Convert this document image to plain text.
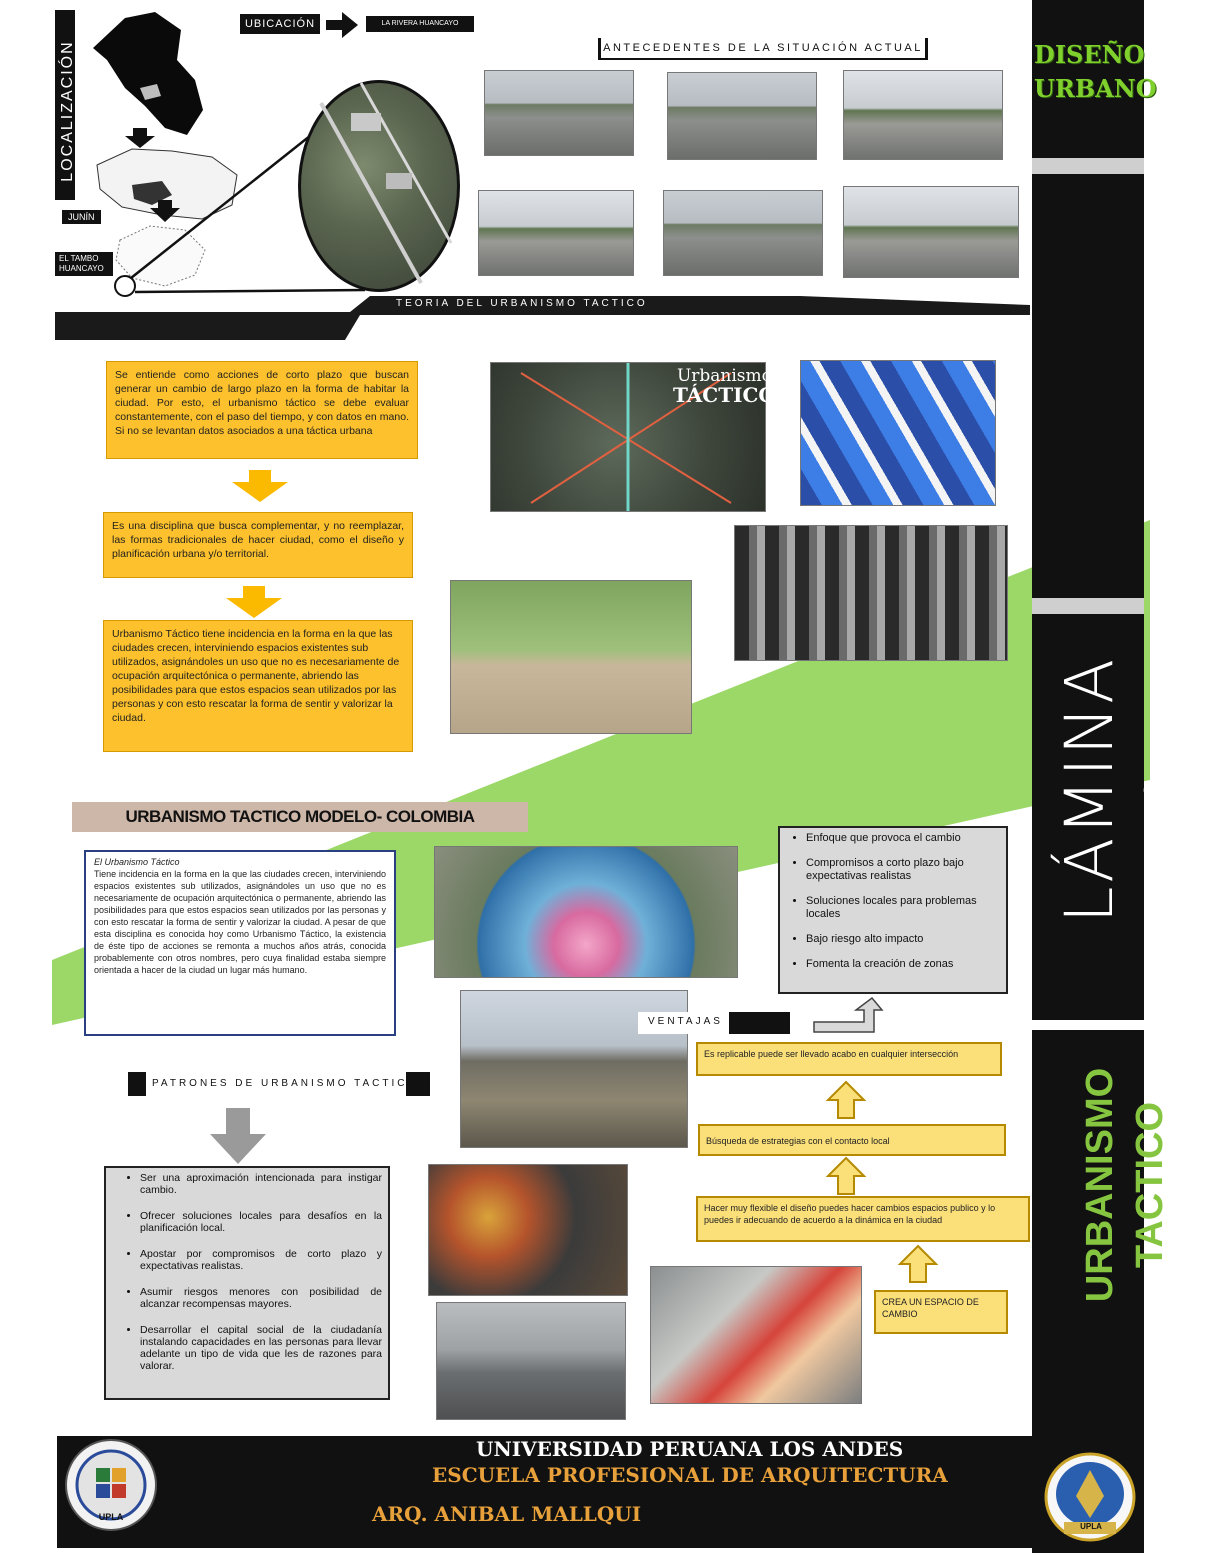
DISEÑO
URBANO
LÁMINA 1
URBANISMO TACTICO
LOCALIZACIÓN
JUNÍN
EL TAMBO HUANCAYO
UBICACIÓN	LA RIVERA HUANCAYO
ANTECEDENTES DE LA SITUACIÓN ACTUAL
TEORIA DEL URBANISMO TACTICO
Se entiende como acciones de corto plazo que buscan generar un cambio de largo plazo en la forma de habitar la ciudad. Por esto, el urbanismo táctico se debe evaluar constantemente, con el paso del tiempo, y con datos en mano. Si no se levantan datos asociados a una táctica urbana
Es una disciplina que busca complementar, y no reemplazar, las formas tradicionales de hacer ciudad, como el diseño y planificación urbana y/o territorial.
Urbanismo Táctico tiene incidencia en la forma en la que las ciudades crecen, interviniendo espacios existentes sub utilizados, asignándoles un uso que no es necesariamente de ocupación arquitectónica o permanente, abriendo las posibilidades para que estos espacios sean utilizados por las personas y con esto rescatar la forma de sentir y valorizar la ciudad.
Urbanismo
TÁCTICO
URBANISMO TACTICO MODELO- COLOMBIA
El Urbanismo Táctico
Tiene incidencia en la forma en la que las ciudades crecen, interviniendo espacios existentes sub utilizados, asignándoles un uso que no es necesariamente de ocupación arquitectónica o permanente, abriendo las posibilidades para que estos espacios sean utilizados por las personas y con esto rescatar la forma de sentir y valorizar la ciudad. A pesar de que esta disciplina es conocida hoy como Urbanismo Táctico, la existencia de éste tipo de acciones se remonta a muchos años atrás, conocida probablemente con otros nombres, pero cuya finalidad estaba siempre orientada a hacer de la ciudad un lugar más humano.
• Enfoque que provoca el cambio
• Compromisos a corto plazo bajo expectativas realistas
• Soluciones locales para problemas locales
• Bajo riesgo alto impacto
• Fomenta la creación de zonas
VENTAJAS
Es replicable puede ser llevado acabo en cualquier intersección
Búsqueda de estrategias con el contacto local
Hacer muy flexible el diseño puedes hacer cambios espacios publico y lo puedes ir adecuando de acuerdo a la dinámica en la ciudad
CREA UN ESPACIO DE CAMBIO
PATRONES DE URBANISMO TACTICO
• Ser una aproximación intencionada para instigar cambio.
• Ofrecer soluciones locales para desafíos en la planificación local.
• Apostar por compromisos de corto plazo y expectativas realistas.
• Asumir riesgos menores con posibilidad de alcanzar recompensas mayores.
• Desarrollar el capital social de la ciudadanía instalando capacidades en las personas para llevar adelante un tipo de vida que les de razones para valorar.
UPLA
UNIVERSIDAD PERUANA LOS ANDES
ESCUELA PROFESIONAL DE ARQUITECTURA
ARQ. ANIBAL MALLQUI
UPLA
